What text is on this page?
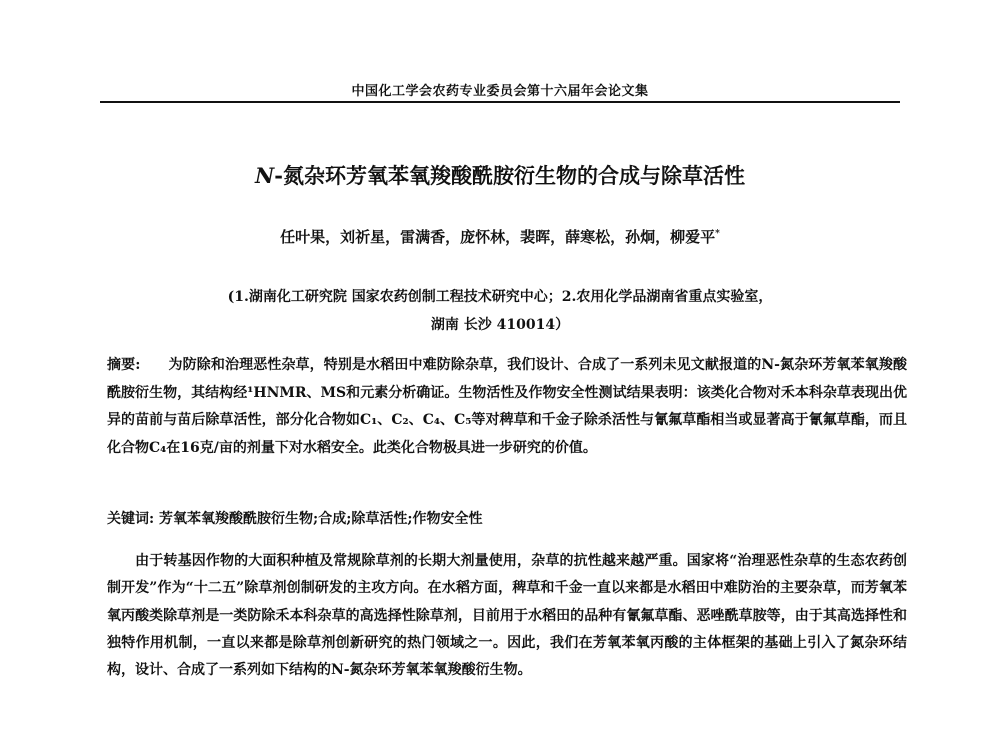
中国化工学会农药专业委员会第十六届年会论文集
N-氮杂环芳氧苯氧羧酸酰胺衍生物的合成与除草活性
任叶果，刘祈星，雷满香，庞怀林，裴晖，薛寒松，孙炯，柳爱平*
(1.湖南化工研究院 国家农药创制工程技术研究中心；2.农用化学品湖南省重点实验室，
湖南 长沙 410014）
摘要: 为防除和治理恶性杂草，特别是水稻田中难防除杂草，我们设计、合成了一系列未见文献报道的N-氮杂环芳氧苯氧羧酸酰胺衍生物，其结构经¹HNMR、MS和元素分析确证。生物活性及作物安全性测试结果表明：该类化合物对禾本科杂草表现出优异的苗前与苗后除草活性，部分化合物如C₁、C₂、C₄、C₅等对稗草和千金子除杀活性与氰氟草酯相当或显著高于氰氟草酯，而且化合物C₄在16克/亩的剂量下对水稻安全。此类化合物极具进一步研究的价值。
关键词: 芳氧苯氧羧酸酰胺衍生物;合成;除草活性;作物安全性
由于转基因作物的大面积种植及常规除草剂的长期大剂量使用，杂草的抗性越来越严重。国家将“治理恶性杂草的生态农药创制开发”作为“十二五”除草剂创制研发的主攻方向。在水稻方面，稗草和千金一直以来都是水稻田中难防治的主要杂草，而芳氧苯氧丙酸类除草剂是一类防除禾本科杂草的高选择性除草剂，目前用于水稻田的品种有氰氟草酯、恶唑酰草胺等，由于其高选择性和独特作用机制，一直以来都是除草剂创新研究的热门领域之一。因此，我们在芳氧苯氧丙酸的主体框架的基础上引入了氮杂环结构，设计、合成了一系列如下结构的N-氮杂环芳氧苯氧羧酸衍生物。
